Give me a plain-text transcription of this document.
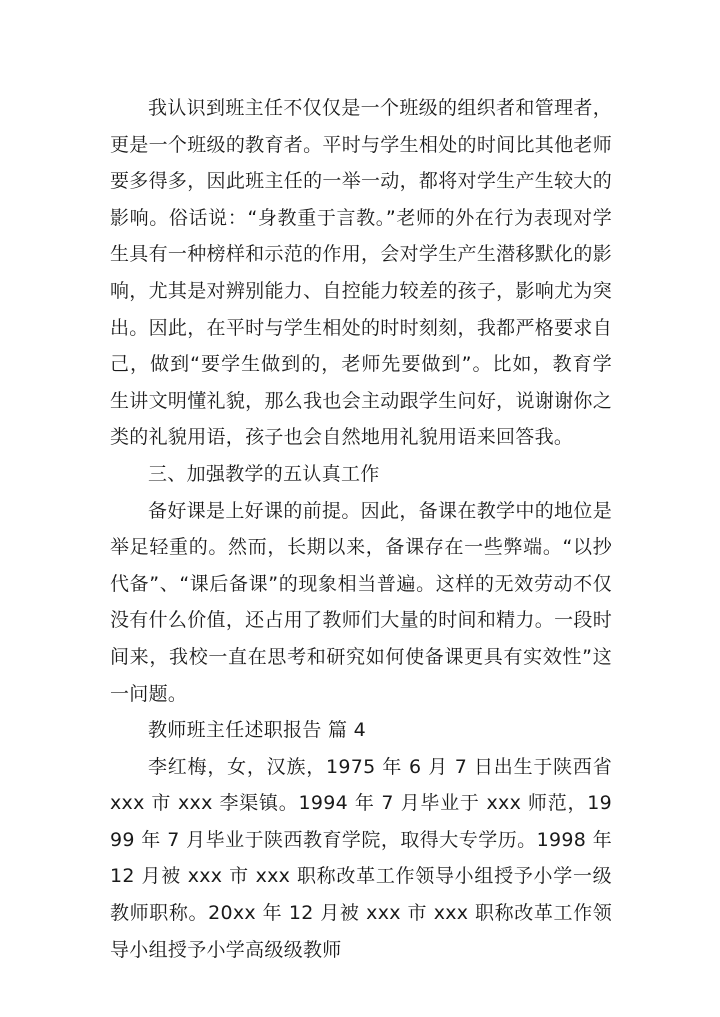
我认识到班主任不仅仅是一个班级的组织者和管理者，更是一个班级的教育者。平时与学生相处的时间比其他老师要多得多，因此班主任的一举一动，都将对学生产生较大的影响。俗话说：“身教重于言教。”老师的外在行为表现对学生具有一种榜样和示范的作用，会对学生产生潜移默化的影响，尤其是对辨别能力、自控能力较差的孩子，影响尤为突出。因此，在平时与学生相处的时时刻刻，我都严格要求自己，做到“要学生做到的，老师先要做到”。比如，教育学生讲文明懂礼貌，那么我也会主动跟学生问好，说谢谢你之类的礼貌用语，孩子也会自然地用礼貌用语来回答我。

三、加强教学的五认真工作

备好课是上好课的前提。因此，备课在教学中的地位是举足轻重的。然而，长期以来，备课存在一些弊端。“以抄代备”、“课后备课”的现象相当普遍。这样的无效劳动不仅没有什么价值，还占用了教师们大量的时间和精力。一段时间来，我校一直在思考和研究如何使备课更具有实效性”这一问题。

教师班主任述职报告 篇 4

李红梅，女，汉族，1975 年 6 月 7 日出生于陕西省 xxx 市 xxx 李渠镇。1994 年 7 月毕业于 xxx 师范，1999 年 7 月毕业于陕西教育学院，取得大专学历。1998 年 12 月被 xxx 市 xxx 职称改革工作领导小组授予小学一级教师职称。20xx 年 12 月被 xxx 市 xxx 职称改革工作领导小组授予小学高级级教师
